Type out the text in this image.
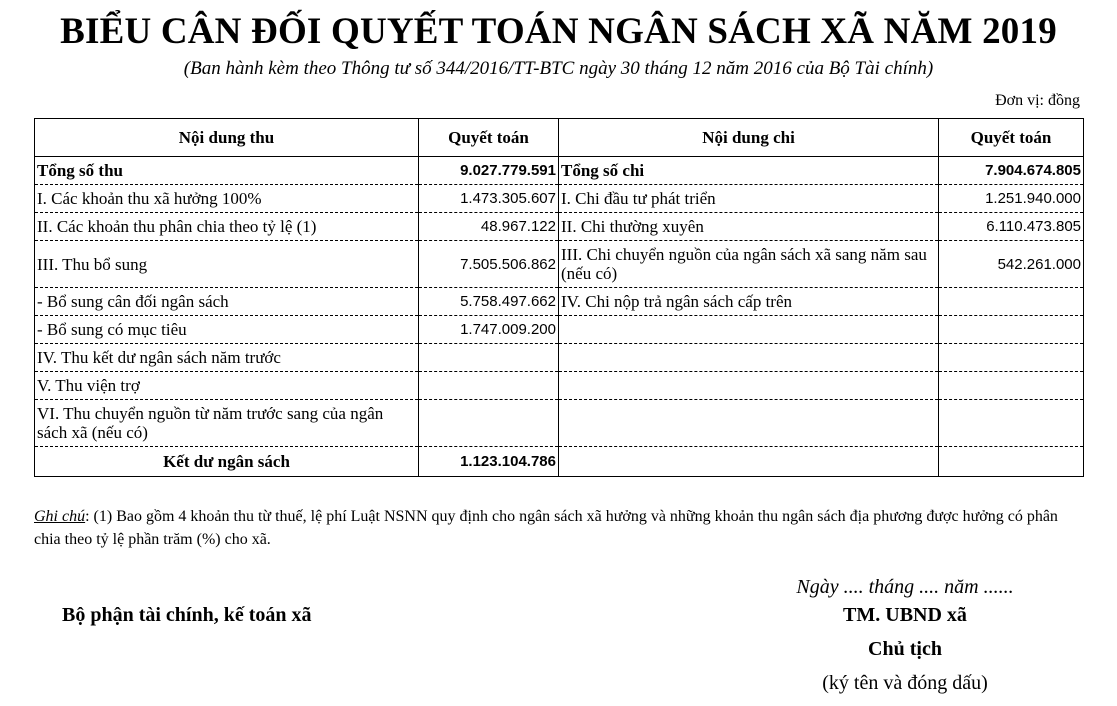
BIỂU CÂN ĐỐI QUYẾT TOÁN NGÂN SÁCH XÃ NĂM 2019
(Ban hành kèm theo Thông tư số 344/2016/TT-BTC ngày 30 tháng 12 năm 2016 của Bộ Tài chính)
Đơn vị: đồng
Nội dung thu	Quyết toán	Nội dung chi	Quyết toán
Tổng số thu	9.027.779.591	Tổng số chi	7.904.674.805
I. Các khoản thu xã hưởng 100%	1.473.305.607	I. Chi đầu tư phát triển	1.251.940.000
II. Các khoản thu phân chia theo tỷ lệ (1)	48.967.122	II. Chi thường xuyên	6.110.473.805
III. Thu bổ sung	7.505.506.862	III. Chi chuyển nguồn của ngân sách xã sang năm sau (nếu có)	542.261.000
- Bổ sung cân đối ngân sách	5.758.497.662	IV. Chi nộp trả ngân sách cấp trên	
- Bổ sung có mục tiêu	1.747.009.200		
IV. Thu kết dư ngân sách năm trước			
V. Thu viện trợ			
VI. Thu chuyển nguồn từ năm trước sang của ngân sách xã (nếu có)			
Kết dư ngân sách	1.123.104.786		
Ghi chú: (1) Bao gồm 4 khoản thu từ thuế, lệ phí Luật NSNN quy định cho ngân sách xã hưởng và những khoản thu ngân sách địa phương được hưởng có phân chia theo tỷ lệ phần trăm (%) cho xã.
Ngày .... tháng .... năm ......
Bộ phận tài chính, kế toán xã	TM. UBND xã
Chủ tịch
(ký tên và đóng dấu)
